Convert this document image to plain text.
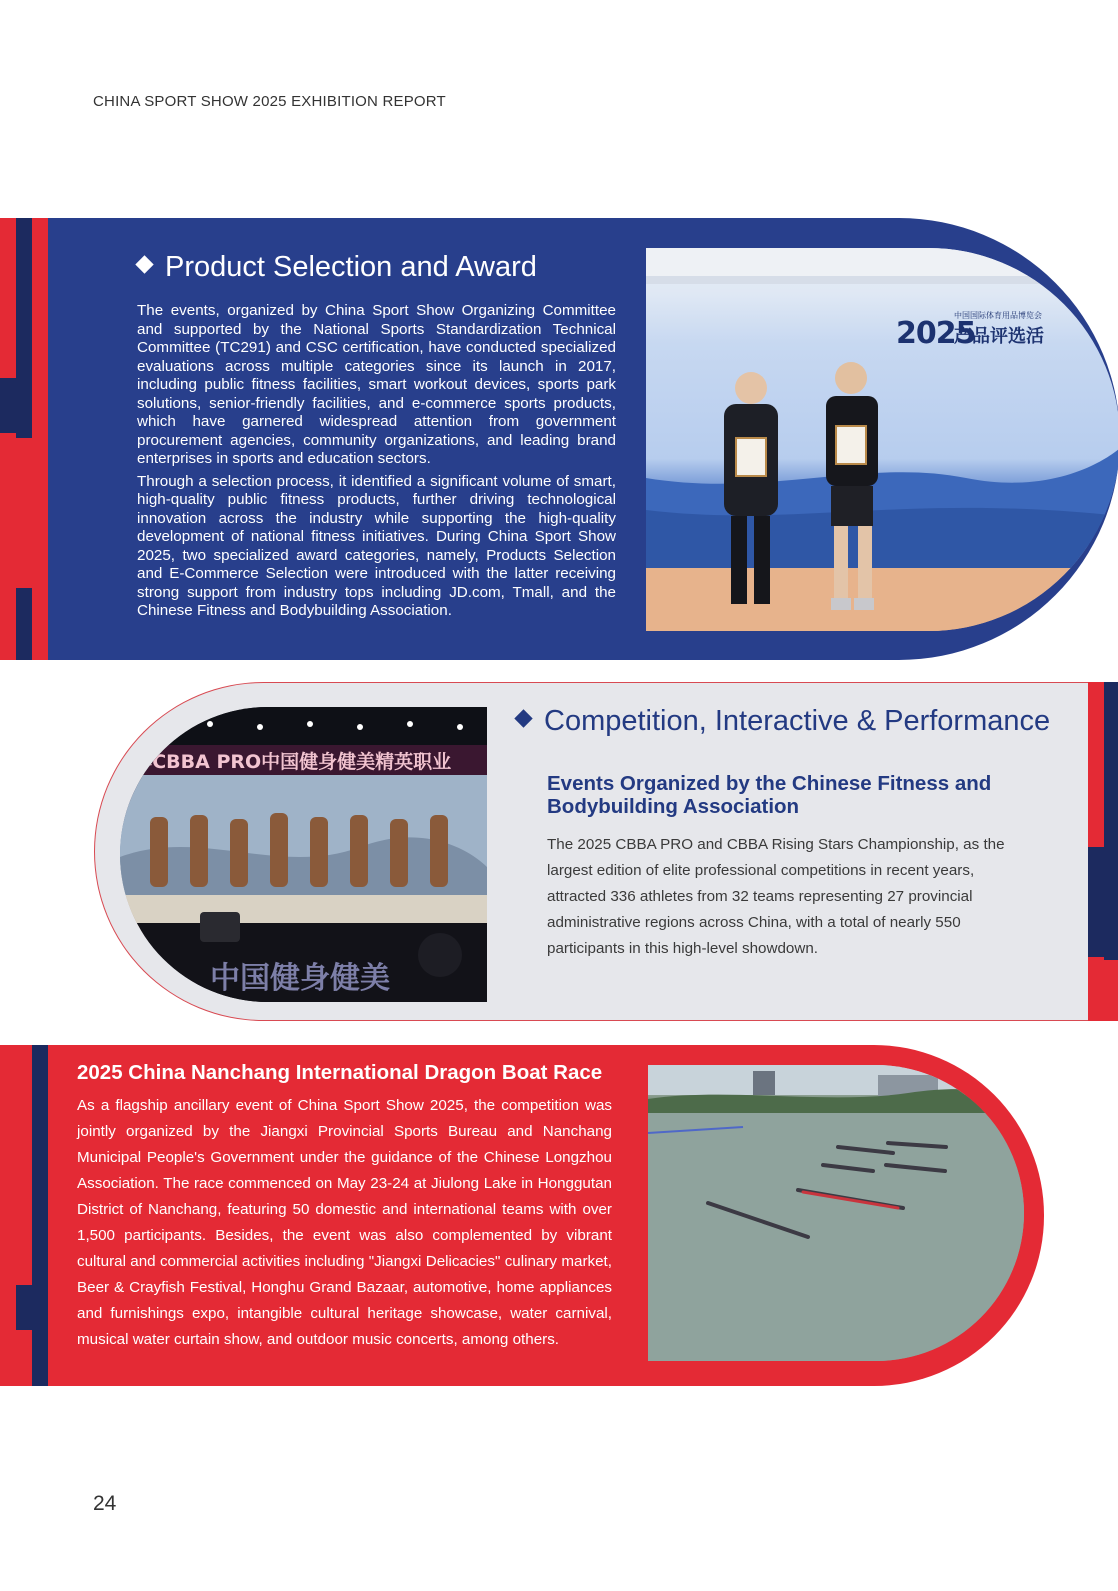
CHINA SPORT SHOW 2025 EXHIBITION REPORT
Product Selection and Award

The events, organized by China Sport Show Organizing Committee and supported by the National Sports Standardization Technical Committee (TC291) and CSC certification, have conducted specialized evaluations across multiple categories since its launch in 2017, including public fitness facilities, smart workout devices, sports park solutions, senior-friendly facilities, and e-commerce sports products, which have garnered widespread attention from government procurement agencies, community organizations, and leading brand enterprises in sports and education sectors.

Through a selection process, it identified a significant volume of smart, high-quality public fitness products, further driving technological innovation across the industry while supporting the high-quality development of national fitness initiatives. During China Sport Show 2025, two specialized award categories, namely, Products Selection and E-Commerce Selection were introduced with the latter receiving strong support from industry tops including JD.com, Tmall, and the Chinese Fitness and Bodybuilding Association.

2025
产品评选活
中国国际体育用品博览会
5年CBBA PRO中国健身健美精英职业
中国健身健美
Competition, Interactive & Performance
Events Organized by the Chinese Fitness and Bodybuilding Association
The 2025 CBBA PRO and CBBA Rising Stars Championship, as the largest edition of elite professional competitions in recent years, attracted 336 athletes from 32 teams representing 27 provincial administrative regions across China, with a total of nearly 550 participants in this high-level showdown.
2025 China Nanchang International Dragon Boat Race
As a flagship ancillary event of China Sport Show 2025, the competition was jointly organized by the Jiangxi Provincial Sports Bureau and Nanchang Municipal People's Government under the guidance of the Chinese Longzhou Association. The race commenced on May 23-24 at Jiulong Lake in Honggutan District of Nanchang, featuring 50 domestic and international teams with over 1,500 participants. Besides, the event was also complemented by vibrant cultural and commercial activities including "Jiangxi Delicacies" culinary market, Beer & Crayfish Festival, Honghu Grand Bazaar, automotive, home appliances and furnishings expo, intangible cultural heritage showcase, water carnival, musical water curtain show, and outdoor music concerts, among others.
24
